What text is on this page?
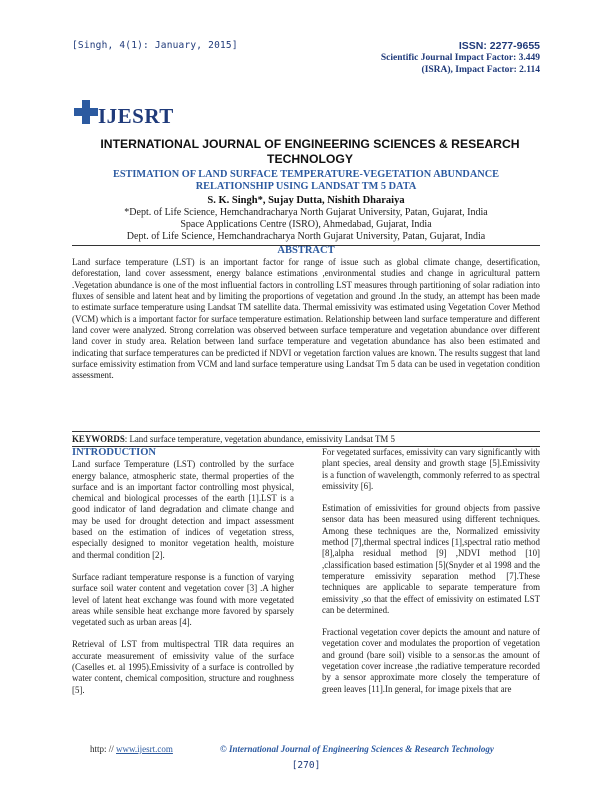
[Singh, 4(1): January, 2015]	ISSN: 2277-9655
Scientific Journal Impact Factor: 3.449
(ISRA), Impact Factor: 2.114
IJESRT
INTERNATIONAL JOURNAL OF ENGINEERING SCIENCES & RESEARCH
TECHNOLOGY
ESTIMATION OF LAND SURFACE TEMPERATURE-VEGETATION ABUNDANCE
RELATIONSHIP USING LANDSAT TM 5 DATA
S. K. Singh*, Sujay Dutta, Nishith Dharaiya
*Dept. of Life Science, Hemchandracharya North Gujarat University, Patan, Gujarat, India
Space Applications Centre (ISRO), Ahmedabad, Gujarat, India
Dept. of Life Science, Hemchandracharya North Gujarat University, Patan, Gujarat, India
ABSTRACT
Land surface temperature (LST) is an important factor for range of issue such as global climate change, desertification, deforestation, land cover assessment, energy balance estimations ,environmental studies and change in agricultural pattern .Vegetation abundance is one of the most influential factors in controlling LST measures through partitioning of solar radiation into fluxes of sensible and latent heat and by limiting the proportions of vegetation and ground .In the study, an attempt has been made to estimate surface temperature using Landsat TM satellite data. Thermal emissivity was estimated using Vegetation Cover Method (VCM) which is a important factor for surface temperature estimation. Relationship between land surface temperature and different land cover were analyzed. Strong correlation was observed between surface temperature and vegetation abundance over different land cover in study area. Relation between land surface temperature and vegetation abundance has also been estimated and indicating that surface temperatures can be predicted if NDVI or vegetation farction values are known. The results suggest that land surface emissivity estimation from VCM and land surface temperature using Landsat Tm 5 data can be used in vegetation condition assessment.
KEYWORDS: Land surface temperature, vegetation abundance, emissivity Landsat TM 5
INTRODUCTION

Land surface Temperature (LST) controlled by the surface energy balance, atmospheric state, thermal properties of the surface and is an important factor controlling most physical, chemical and biological processes of the earth [1].LST is a good indicator of land degradation and climate change and may be used for drought detection and impact assessment based on the estimation of indices of vegetation stress, especially designed to monitor vegetation health, moisture and thermal condition [2].

Surface radiant temperature response is a function of varying surface soil water content and vegetation cover [3] .A higher level of latent heat exchange was found with more vegetated areas while sensible heat exchange more favored by sparsely vegetated such as urban areas [4].

Retrieval of LST from multispectral TIR data requires an accurate measurement of emissivity value of the surface (Caselles et. al 1995).Emissivity of a surface is controlled by water content, chemical composition, structure and roughness [5].

For vegetated surfaces, emissivity can vary significantly with plant species, areal density and growth stage [5].Emissivity is a function of wavelength, commonly referred to as spectral emissivity [6].

Estimation of emissivities for ground objects from passive sensor data has been measured using different techniques. Among these techniques are the, Normalized emissivity method [7],thermal spectral indices [1],spectral ratio method [8],alpha residual method [9] ,NDVI method [10] ,classification based estimation [5](Snyder et al 1998 and the temperature emissivity separation method [7].These techniques are applicable to separate temperature from emissivity ,so that the effect of emissivity on estimated LST can be determined.

Fractional vegetation cover depicts the amount and nature of vegetation cover and modulates the proportion of vegetation and ground (bare soil) visible to a sensor.as the amount of vegetation cover increase ,the radiative temperature recorded by a sensor approximate more closely the temperature of green leaves [11].In general, for image pixels that are

http: // www.ijesrt.com	© International Journal of Engineering Sciences & Research Technology
[270]
